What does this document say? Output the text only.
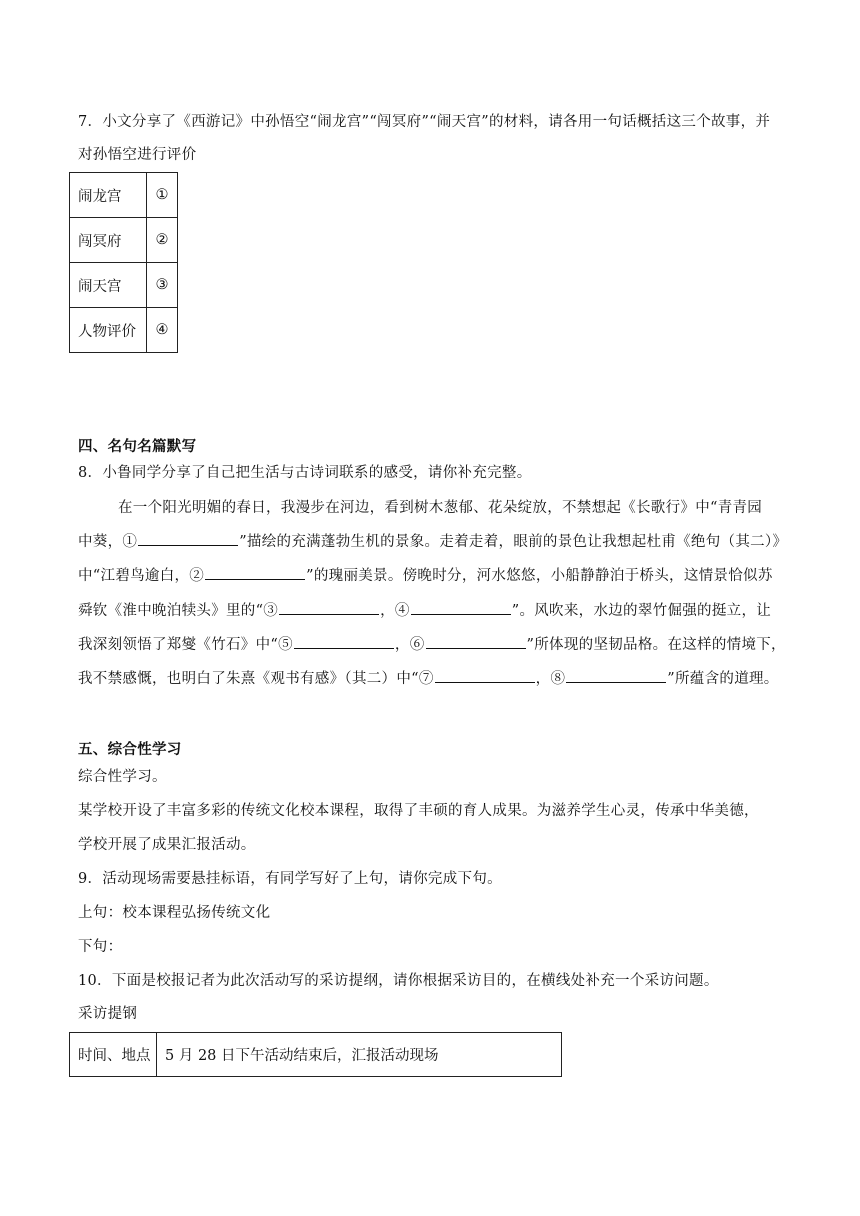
7．小文分享了《西游记》中孙悟空“闹龙宫”“闯冥府”“闹天宫”的材料，请各用一句话概括这三个故事，并
对孙悟空进行评价
闹龙宫	①
闯冥府	②
闹天宫	③
人物评价	④
四、名句名篇默写
8．小鲁同学分享了自己把生活与古诗词联系的感受，请你补充完整。
在一个阳光明媚的春日，我漫步在河边，看到树木葱郁、花朵绽放，不禁想起《长歌行》中“青青园
中葵，①	”描绘的充满蓬勃生机的景象。走着走着，眼前的景色让我想起杜甫《绝句（其二）》
中“江碧鸟逾白，②	”的瑰丽美景。傍晚时分，河水悠悠，小船静静泊于桥头，这情景恰似苏
舜钦《淮中晚泊犊头》里的“③	，④	”。风吹来，水边的翠竹倔强的挺立，让
我深刻领悟了郑燮《竹石》中“⑤	，⑥	”所体现的坚韧品格。在这样的情境下，
我不禁感慨，也明白了朱熹《观书有感》（其二）中“⑦	，⑧	”所蕴含的道理。
五、综合性学习
综合性学习。
某学校开设了丰富多彩的传统文化校本课程，取得了丰硕的育人成果。为滋养学生心灵，传承中华美德，
学校开展了成果汇报活动。
9．活动现场需要悬挂标语，有同学写好了上句，请你完成下句。
上句：校本课程弘扬传统文化
下句：
10．下面是校报记者为此次活动写的采访提纲，请你根据采访目的，在横线处补充一个采访问题。
采访提钢
时间、地点	5 月 28 日下午活动结束后，汇报活动现场
